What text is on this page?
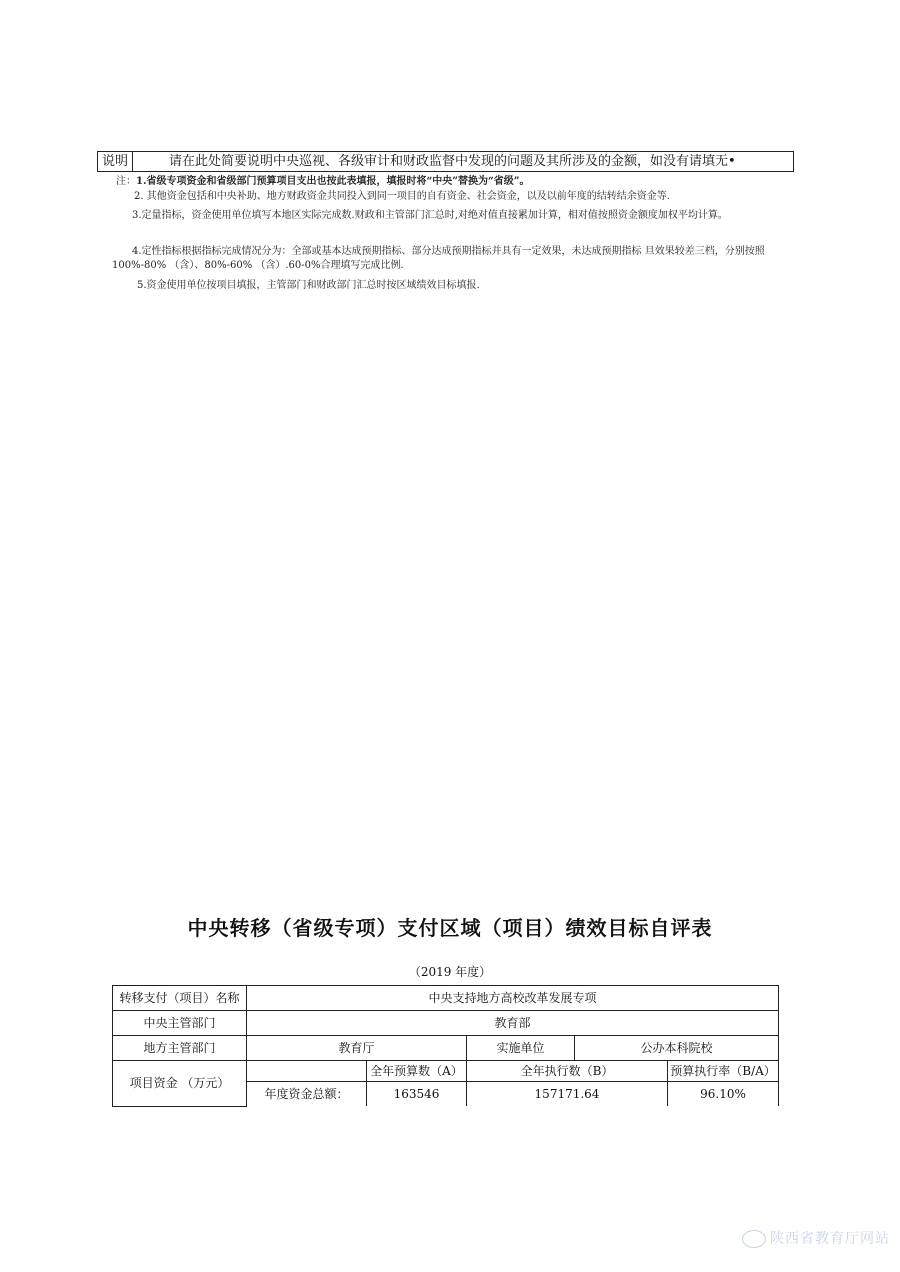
说明	请在此处简要说明中央巡视、各级审计和财政监督中发现的问题及其所涉及的金额，如没有请填无•
注：1.省级专项资金和省级部门预算项目支出也按此表填报，填报时将“中央”替换为“省级”。
2. 其他资金包括和中央补助、地方财政资金共同投入到同一项目的自有资金、社会资金，以及以前年度的结转结余资金等.
3.定量指标，资金使用单位填写本地区实际完成数.财政和主管部门汇总时,对绝对值直接累加计算，相对值按照资金额度加权平均计算。
4.定性指标根据指标完成情况分为：全部或基本达成预期指标、部分达成预期指标并具有一定效果，未达成预期指标 旦效果较差三档，分别按照 100%-80% （含）、80%-60% （含）.60-0%合理填写完成比例.
5.资金使用单位按项目填报，主管部门和财政部门汇总时按区域绩效目标填报.
中央转移（省级专项）支付区域（项目）绩效目标自评表
（2019 年度）
转移支付（项目）名称	中央支持地方高校改革发展专项				
中央主管部门	教育部				
地方主管部门	教育厅		实施单位	公办本科院校	
项目资金 （万元）		全年预算数（A）	全年执行数（B）		预算执行率（B/A）
	年度资金总额：	163546	157171.64		96.10%
陕西省教育厅网站
